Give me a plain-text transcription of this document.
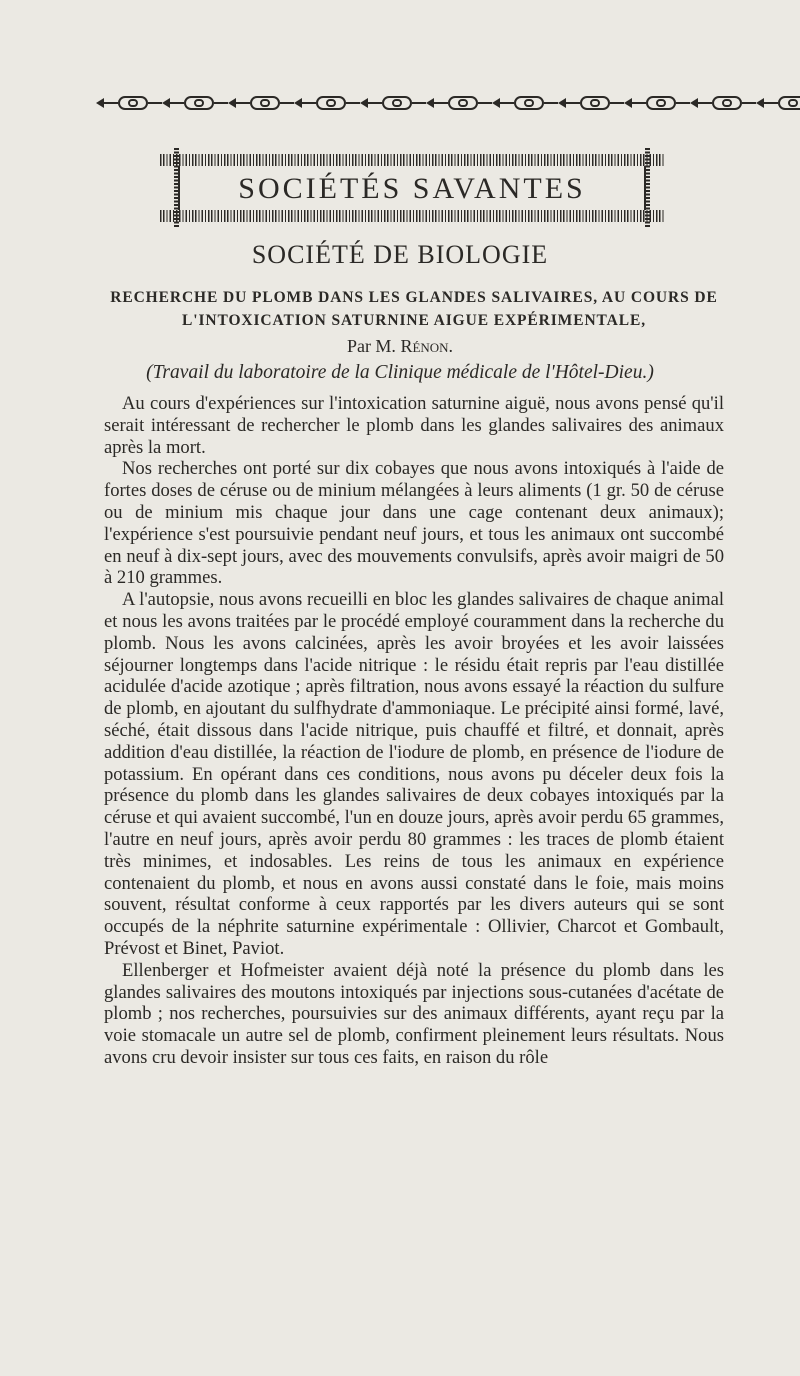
SOCIÉTÉS SAVANTES
SOCIÉTÉ DE BIOLOGIE
RECHERCHE DU PLOMB DANS LES GLANDES SALIVAIRES, AU COURS DE
L'INTOXICATION SATURNINE AIGUE EXPÉRIMENTALE,
Par M. Rénon.
(Travail du laboratoire de la Clinique médicale de l'Hôtel-Dieu.)

Au cours d'expériences sur l'intoxication saturnine aiguë, nous avons pensé qu'il serait intéressant de rechercher le plomb dans les glandes salivaires des animaux après la mort.

Nos recherches ont porté sur dix cobayes que nous avons intoxiqués à l'aide de fortes doses de céruse ou de minium mélangées à leurs aliments (1 gr. 50 de céruse ou de minium mis chaque jour dans une cage contenant deux animaux); l'expérience s'est poursuivie pendant neuf jours, et tous les animaux ont succombé en neuf à dix-sept jours, avec des mouvements convulsifs, après avoir maigri de 50 à 210 grammes.

A l'autopsie, nous avons recueilli en bloc les glandes salivaires de chaque animal et nous les avons traitées par le procédé employé couramment dans la recherche du plomb. Nous les avons calcinées, après les avoir broyées et les avoir laissées séjourner longtemps dans l'acide nitrique : le résidu était repris par l'eau distillée acidulée d'acide azotique ; après filtration, nous avons essayé la réaction du sulfure de plomb, en ajoutant du sulfhydrate d'ammoniaque. Le précipité ainsi formé, lavé, séché, était dissous dans l'acide nitrique, puis chauffé et filtré, et donnait, après addition d'eau distillée, la réaction de l'iodure de plomb, en présence de l'iodure de potassium. En opérant dans ces conditions, nous avons pu déceler deux fois la présence du plomb dans les glandes salivaires de deux cobayes intoxiqués par la céruse et qui avaient succombé, l'un en douze jours, après avoir perdu 65 grammes, l'autre en neuf jours, après avoir perdu 80 grammes : les traces de plomb étaient très minimes, et indosables. Les reins de tous les animaux en expérience contenaient du plomb, et nous en avons aussi constaté dans le foie, mais moins souvent, résultat conforme à ceux rapportés par les divers auteurs qui se sont occupés de la néphrite saturnine expérimentale : Ollivier, Charcot et Gombault, Prévost et Binet, Paviot.

Ellenberger et Hofmeister avaient déjà noté la présence du plomb dans les glandes salivaires des moutons intoxiqués par injections sous-cutanées d'acétate de plomb ; nos recherches, poursuivies sur des animaux différents, ayant reçu par la voie stomacale un autre sel de plomb, confirment pleinement leurs résultats. Nous avons cru devoir insister sur tous ces faits, en raison du rôle
